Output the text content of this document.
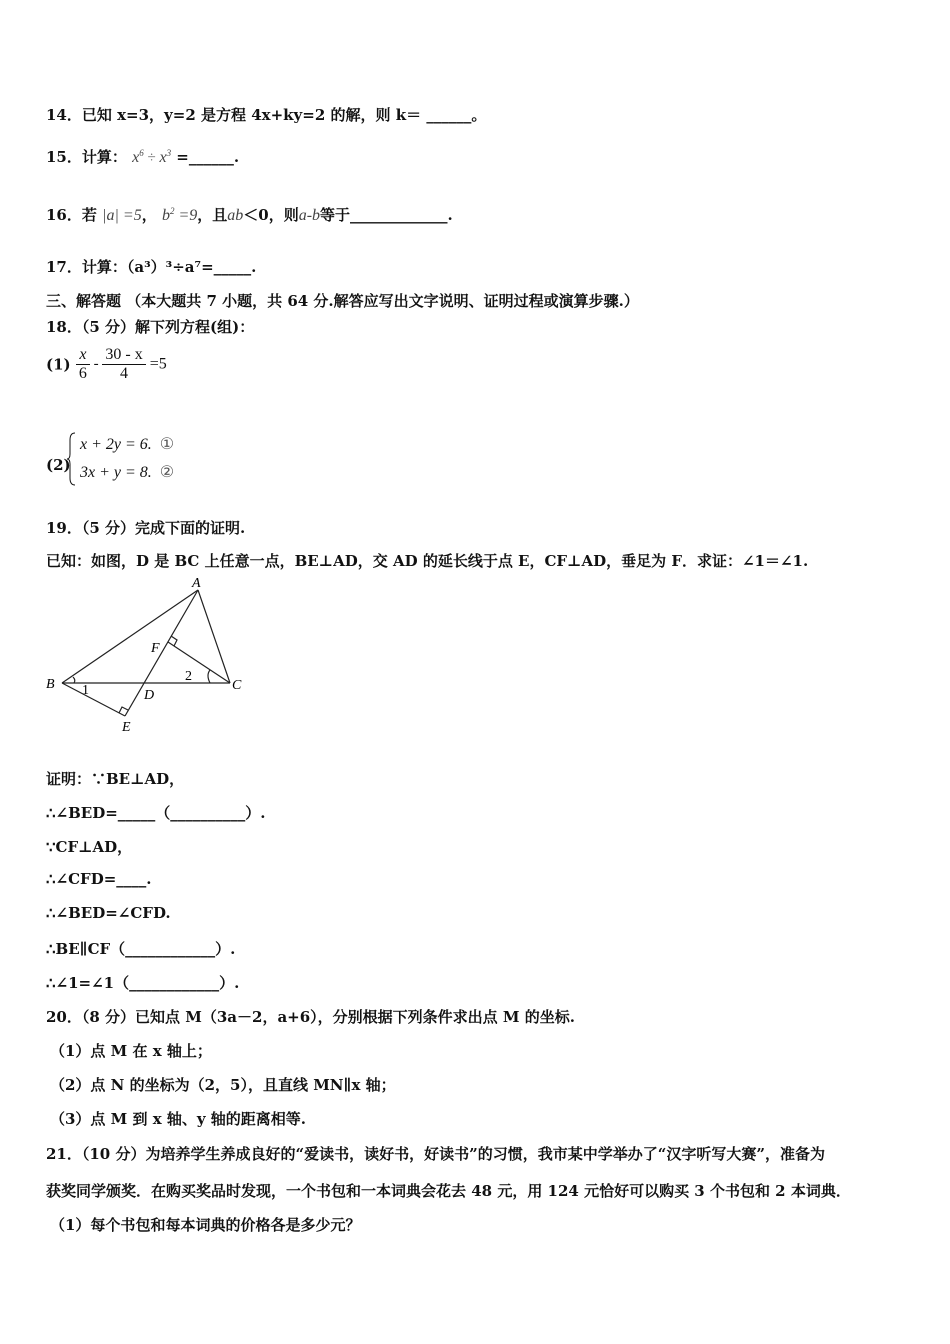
14．已知 x=3，y=2 是方程 4x+ky=2 的解，则 k＝ ______。
15．计算： $x^6 \div x^3$ =______.
16．若 |a| =5， $b^2 =9$，且ab＜0，则a-b等于_____________.
17．计算：（a³）³÷a⁷=_____.
三、解答题 （本大题共 7 小题，共 64 分.解答应写出文字说明、证明过程或演算步骤.）
18．（5 分）解下列方程(组)：
$(1) \frac{x}{6} - \frac{30 - x}{4} =5$
(2)
x + 2y = 6. ①
3x + y = 8. ②
19．（5 分）完成下面的证明.
已知：如图，D 是 BC 上任意一点，BE⊥AD，交 AD 的延长线于点 E，CF⊥AD，垂足为 F．求证：∠1＝∠1.
A
B	C
D
E
F
1
2
证明：∵BE⊥AD，
∴∠BED=_____（__________）.
∵CF⊥AD，
∴∠CFD=____.
∴∠BED=∠CFD.
∴BE∥CF（____________）.
∴∠1=∠1（____________）.
20．（8 分）已知点 M（3a－2，a+6），分别根据下列条件求出点 M 的坐标.
（1）点 M 在 x 轴上；
（2）点 N 的坐标为（2，5），且直线 MN∥x 轴；
（3）点 M 到 x 轴、y 轴的距离相等.
21．（10 分）为培养学生养成良好的“爱读书，读好书，好读书”的习惯，我市某中学举办了“汉字听写大赛”，准备为
获奖同学颁奖．在购买奖品时发现，一个书包和一本词典会花去 48 元，用 124 元恰好可以购买 3 个书包和 2 本词典．
（1）每个书包和每本词典的价格各是多少元？
